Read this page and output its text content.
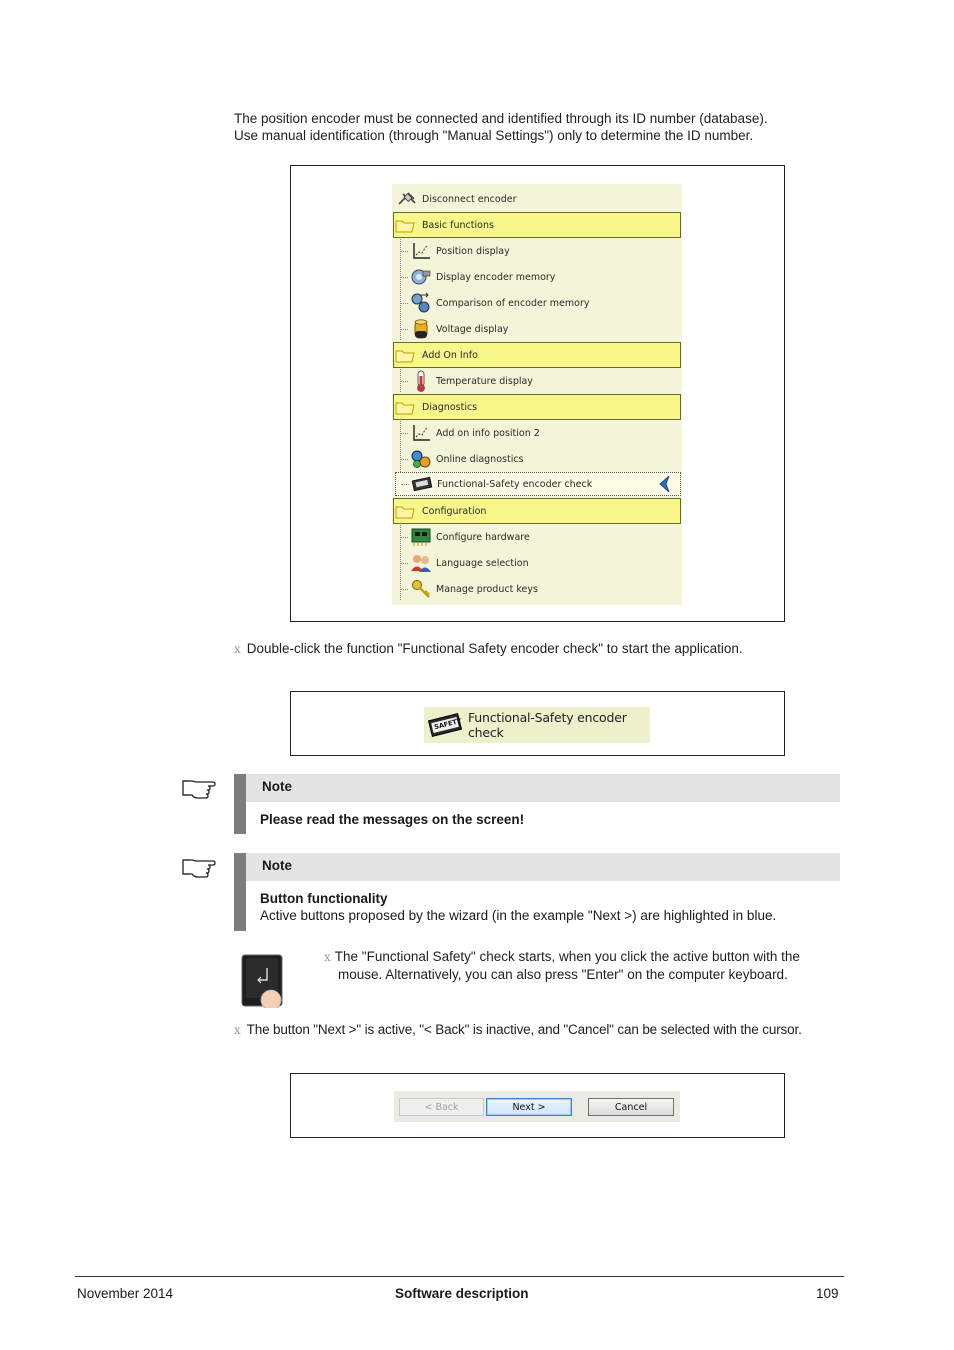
The position encoder must be connected and identified through its ID number (database).
Use manual identification (through "Manual Settings") only to determine the ID number.
Disconnect encoder
Basic functions
Position display
Display encoder memory
Comparison of encoder memory
Voltage display
Add On Info
Temperature display
Diagnostics
Add on info position 2
Online diagnostics
Functional-Safety encoder check
Configuration
Configure hardware
Language selection
Manage product keys
x Double-click the function "Functional Safety encoder check" to start the application.
SAFETY Functional-Safety encoder check
Note
Please read the messages on the screen!
Note
Button functionality
Active buttons proposed by the wizard (in the example "Next >) are highlighted in blue.
x The "Functional Safety" check starts, when you click the active button with the
mouse. Alternatively, you can also press "Enter" on the computer keyboard.
x The button "Next >" is active, "< Back" is inactive, and "Cancel" can be selected with the cursor.
< Back	Next >	Cancel
November 2014	Software description	109
